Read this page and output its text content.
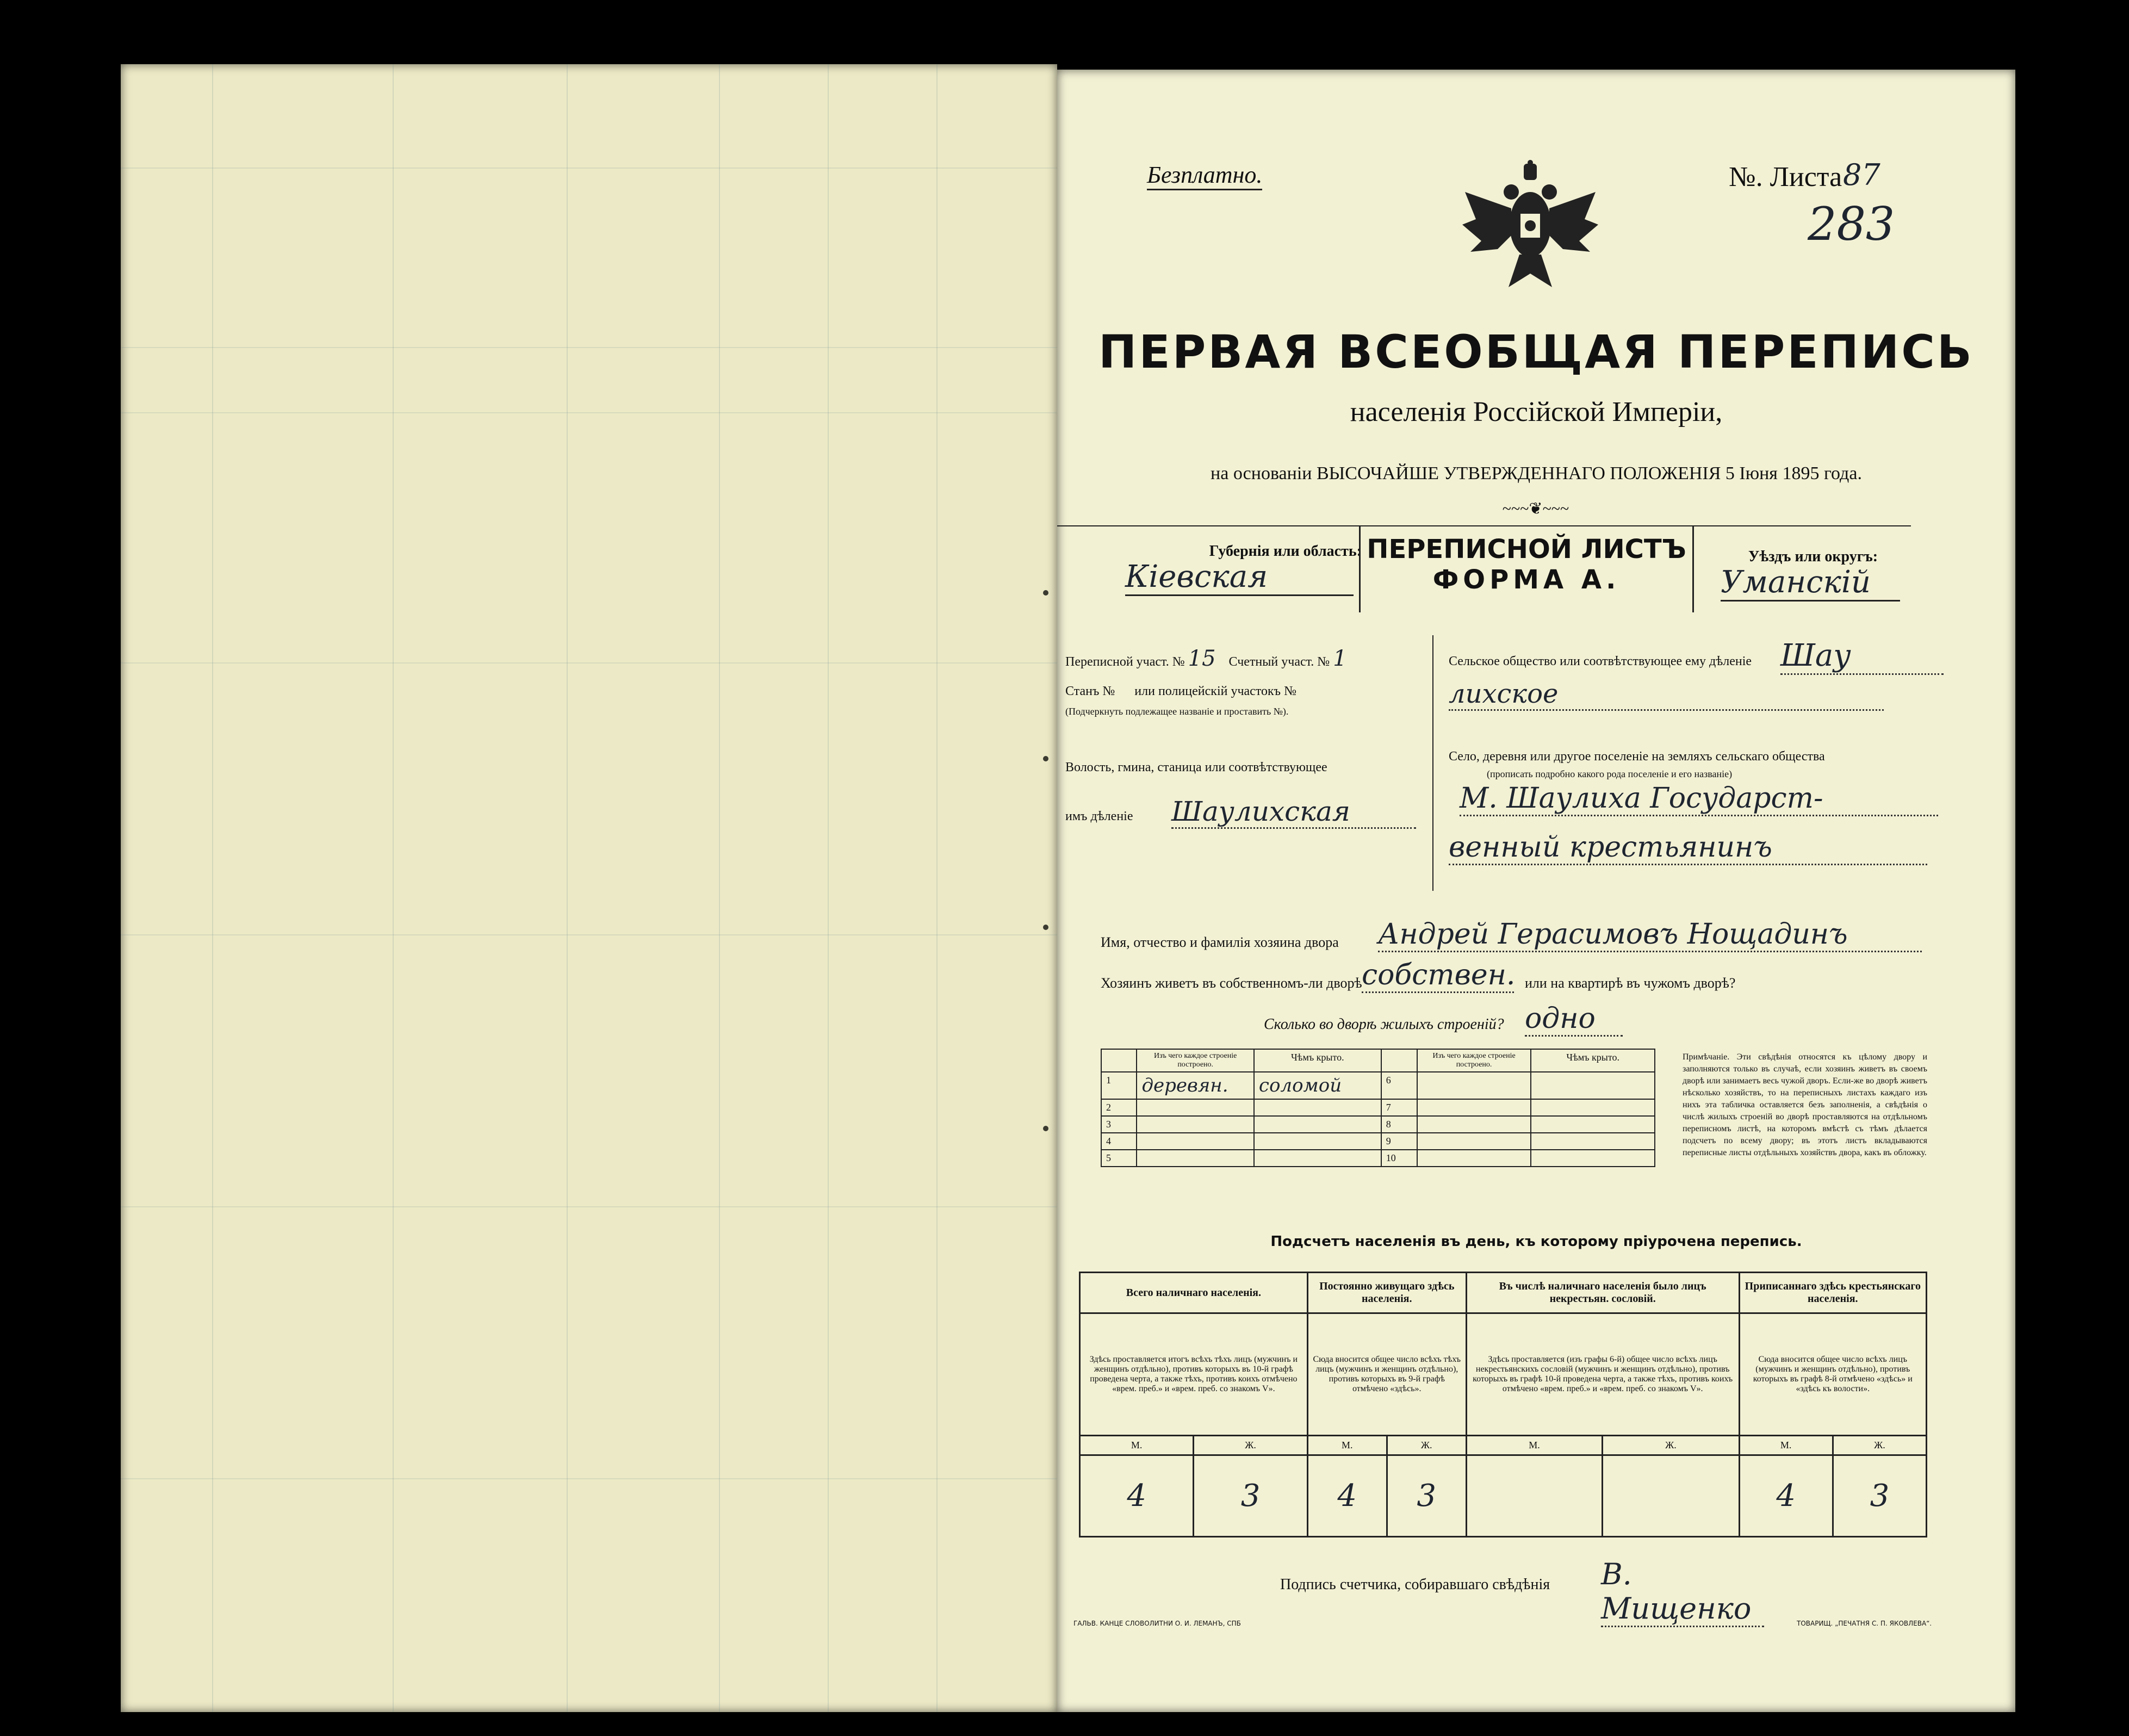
Безплатно.	№. Листа 87
283
ПЕРВАЯ ВСЕОБЩАЯ ПЕРЕПИСЬ
населенія Россійской Имперіи,
на основаніи ВЫСОЧАЙШЕ УТВЕРЖДЕННАГО ПОЛОЖЕНІЯ 5 Іюня 1895 года.
~~~❦~~~
Губернія или область:
Кіевская
ПЕРЕПИСНОЙ ЛИСТЪ
ФОРМА А.
Уѣздъ или округъ:
Уманскій
Переписной участ. № 15 Счетный участ. № 1
Станъ № или полицейскій участокъ №
(Подчеркнуть подлежащее названіе и проставить №).
Волость, гмина, станица или соотвѣтствующее
имъ дѣленіе Шаулихская
Сельское общество или соотвѣтствующее ему дѣленіе Шау
лихское
Село, деревня или другое поселеніе на земляхъ сельскаго общества
(прописать подробно какого рода поселеніе и его названіе)
М. Шаулиха Государст-
венный крестьянинъ
Имя, отчество и фамилія хозяина двора Андрей Герасимовъ Нощадинъ
Хозяинъ живетъ въ собственномъ-ли дворѣ собствен. или на квартирѣ въ чужомъ дворѣ?
Сколько во дворѣ жилыхъ строеній? одно
	Изъ чего каждое строеніе построено.	Чѣмъ крыто.		Изъ чего каждое строеніе построено.	Чѣмъ крыто.
1	деревян.	соломой	6		
2			7		
3			8		
4			9		
5			10		
Примѣчаніе. Эти свѣдѣнія относятся къ цѣлому двору и заполняются только въ случаѣ, если хозяинъ живетъ въ своемъ дворѣ или занимаетъ весь чужой дворъ. Если-же во дворѣ живетъ нѣсколько хозяйствъ, то на переписныхъ листахъ каждаго изъ нихъ эта табличка оставляется безъ заполненія, а свѣдѣнія о числѣ жилыхъ строеній во дворѣ проставляются на отдѣльномъ переписномъ листѣ, на которомъ вмѣстѣ съ тѣмъ дѣлается подсчетъ по всему двору; въ этотъ листъ вкладываются переписные листы отдѣльныхъ хозяйствъ двора, какъ въ обложку.
Подсчетъ населенія въ день, къ которому пріурочена перепись.
Всего наличнаго населенія.		Постоянно живущаго здѣсь населенія.		Въ числѣ наличнаго населенія было лицъ некрестьян. сословій.		Приписаннаго здѣсь крестьянскаго населенія.	
Здѣсь проставляется итогъ всѣхъ тѣхъ лицъ (мужчинъ и женщинъ отдѣльно), противъ которыхъ въ 10-й графѣ проведена черта, а также тѣхъ, противъ коихъ отмѣчено «врем. преб.» и «врем. преб. со знакомъ V».		Сюда вносится общее число всѣхъ тѣхъ лицъ (мужчинъ и женщинъ отдѣльно), противъ которыхъ въ 9-й графѣ отмѣчено «здѣсь».		Здѣсь проставляется (изъ графы 6-й) общее число всѣхъ лицъ некрестьянскихъ сословій (мужчинъ и женщинъ отдѣльно), противъ которыхъ въ графѣ 10-й проведена черта, а также тѣхъ, противъ коихъ отмѣчено «врем. преб.» и «врем. преб. со знакомъ V».		Сюда вносится общее число всѣхъ лицъ (мужчинъ и женщинъ отдѣльно), противъ которыхъ въ графѣ 8-й отмѣчено «здѣсь» и «здѣсь къ волости».	
М.	Ж.	М.	Ж.	М.	Ж.	М.	Ж.
4	3	4	3			4	3
Подпись счетчика, собиравшаго свѣдѣнія В. Мищенко
ГАЛЬВ. КАНЦЕ СЛОВОЛИТНИ О. И. ЛЕМАНЪ, СПБ	ТОВАРИЩ. „ПЕЧАТНЯ С. П. ЯКОВЛЕВА“.
